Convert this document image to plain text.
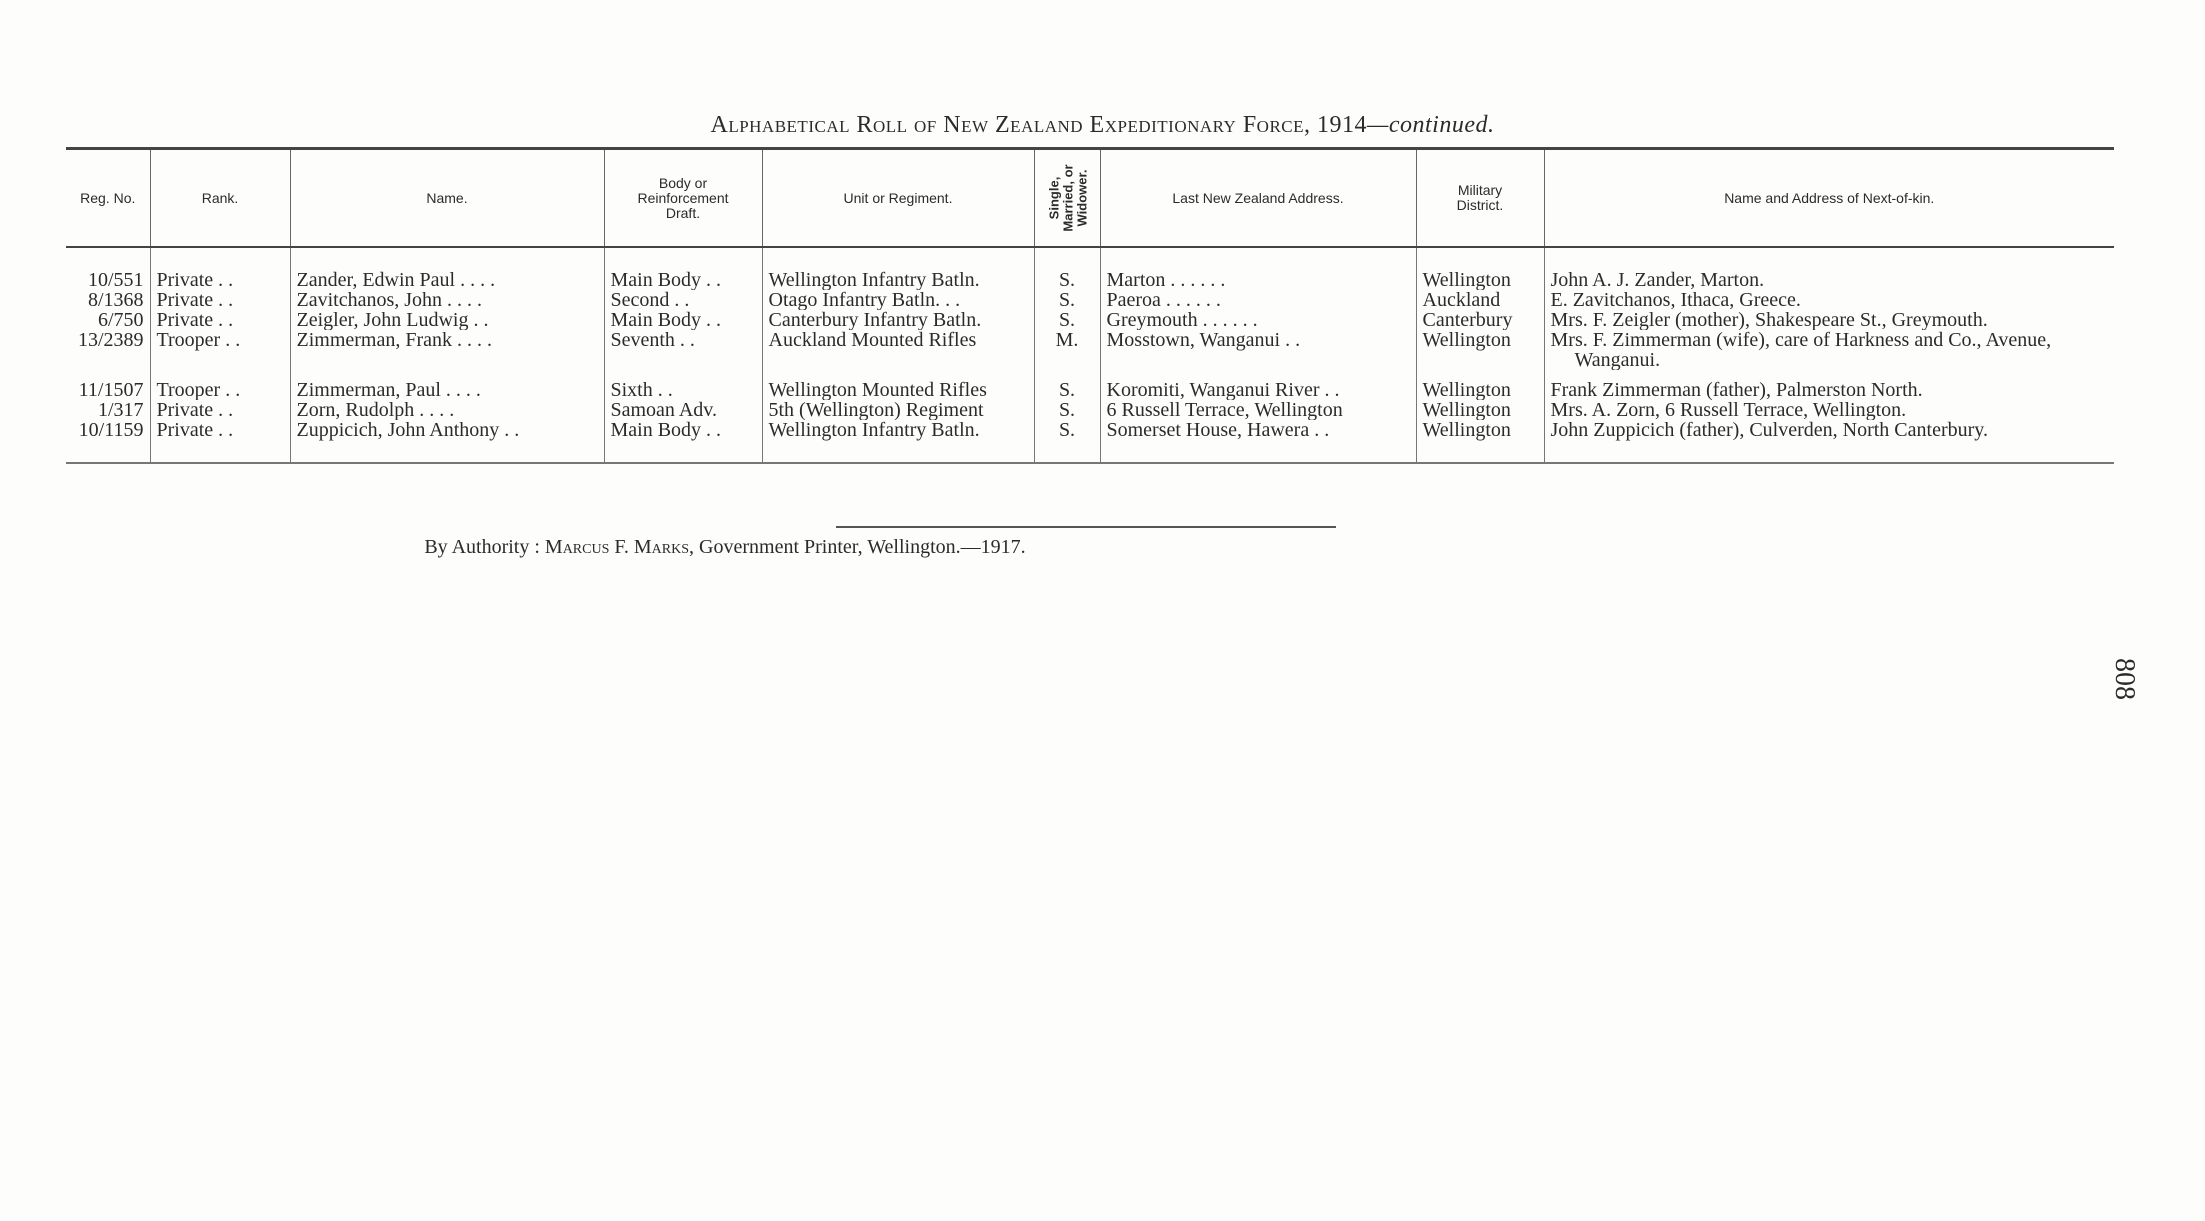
Alphabetical Roll of New Zealand Expeditionary Force, 1914—continued.
Reg. No.	Rank.	Name.	Body or
Reinforcement
Draft.	Unit or Regiment.	Single,
Married, or
Widower.	Last New Zealand Address.	Military
District.	Name and Address of Next-of-kin.
10/551	Private . .	Zander, Edwin Paul . . . .	Main Body . .	Wellington Infantry Batln.	S.	Marton . . . . . .	Wellington	John A. J. Zander, Marton.
8/1368	Private . .	Zavitchanos, John . . . .	Second . .	Otago Infantry Batln. . .	S.	Paeroa . . . . . .	Auckland	E. Zavitchanos, Ithaca, Greece.
6/750	Private . .	Zeigler, John Ludwig . .	Main Body . .	Canterbury Infantry Batln.	S.	Greymouth . . . . . .	Canterbury	Mrs. F. Zeigler (mother), Shakespeare St., Greymouth.
13/2389	Trooper . .	Zimmerman, Frank . . . .	Seventh . .	Auckland Mounted Rifles	M.	Mosstown, Wanganui . .	Wellington	Mrs. F. Zimmerman (wife), care of Harkness and Co., Avenue,
Wanganui.

11/1507	Trooper . .	Zimmerman, Paul . . . .	Sixth . .	Wellington Mounted Rifles	S.	Koromiti, Wanganui River . .	Wellington	Frank Zimmerman (father), Palmerston North.
1/317	Private . .	Zorn, Rudolph . . . .	Samoan Adv.	5th (Wellington) Regiment	S.	6 Russell Terrace, Wellington	Wellington	Mrs. A. Zorn, 6 Russell Terrace, Wellington.
10/1159	Private . .	Zuppicich, John Anthony . .	Main Body . .	Wellington Infantry Batln.	S.	Somerset House, Hawera . .	Wellington	John Zuppicich (father), Culverden, North Canterbury.
By Authority : Marcus F. Marks, Government Printer, Wellington.—1917.
808
